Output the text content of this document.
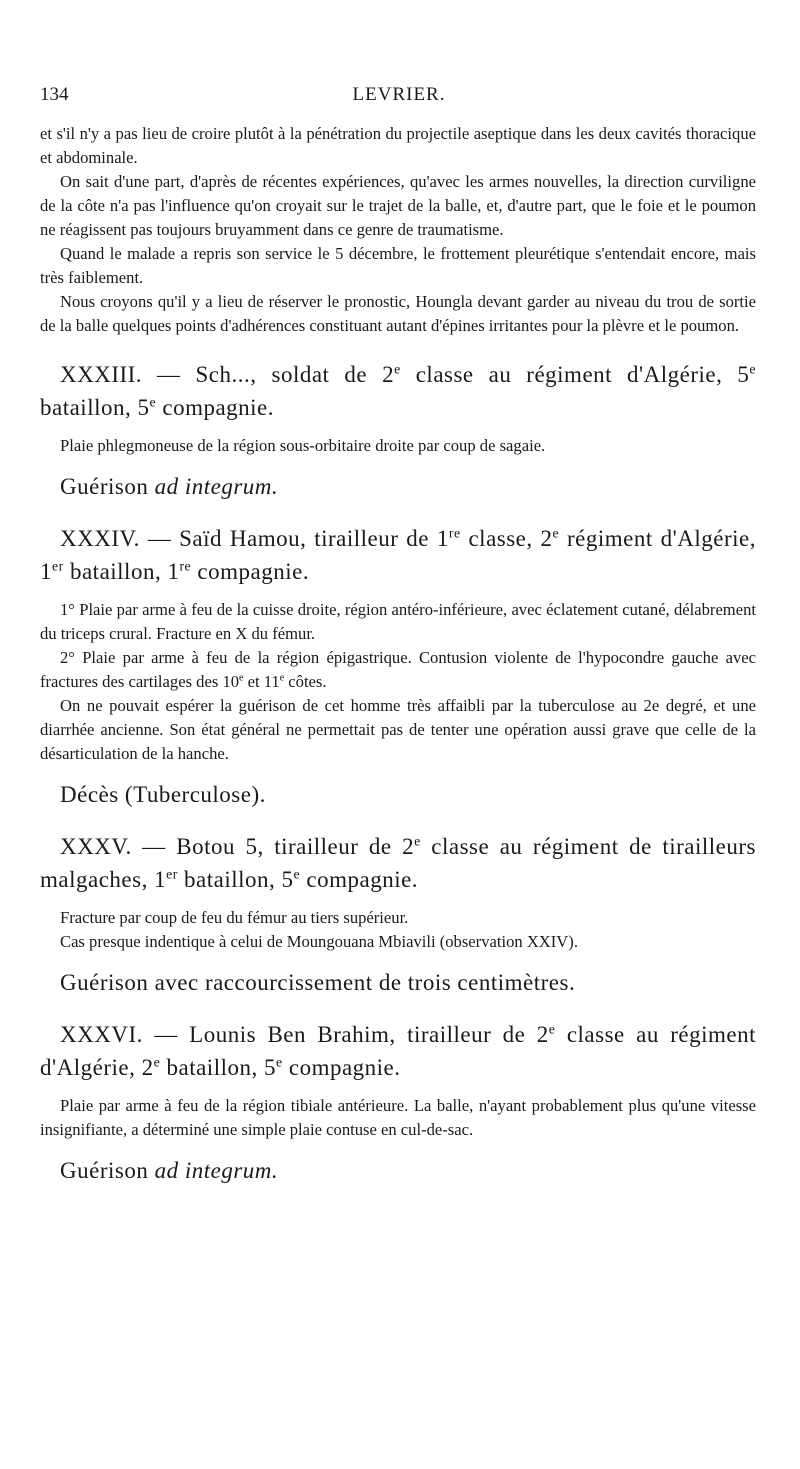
134	LEVRIER.

et s'il n'y a pas lieu de croire plutôt à la pénétration du projectile aseptique dans les deux cavités thoracique et abdominale.

On sait d'une part, d'après de récentes expériences, qu'avec les armes nouvelles, la direction curviligne de la côte n'a pas l'influence qu'on croyait sur le trajet de la balle, et, d'autre part, que le foie et le poumon ne réagissent pas toujours bruyamment dans ce genre de traumatisme.

Quand le malade a repris son service le 5 décembre, le frottement pleurétique s'entendait encore, mais très faiblement.

Nous croyons qu'il y a lieu de réserver le pronostic, Houngla devant garder au niveau du trou de sortie de la balle quelques points d'adhérences constituant autant d'épines irritantes pour la plèvre et le poumon.

XXXIII. — Sch..., soldat de 2e classe au régiment d'Algérie, 5e bataillon, 5e compagnie.

Plaie phlegmoneuse de la région sous-orbitaire droite par coup de sagaie.

Guérison ad integrum.

XXXIV. — Saïd Hamou, tirailleur de 1re classe, 2e régiment d'Algérie, 1er bataillon, 1re compagnie.

1° Plaie par arme à feu de la cuisse droite, région antéro-inférieure, avec éclatement cutané, délabrement du triceps crural. Fracture en X du fémur.

2° Plaie par arme à feu de la région épigastrique. Contusion violente de l'hypocondre gauche avec fractures des cartilages des 10e et 11e côtes.

On ne pouvait espérer la guérison de cet homme très affaibli par la tuberculose au 2e degré, et une diarrhée ancienne. Son état général ne permettait pas de tenter une opération aussi grave que celle de la désarticulation de la hanche.

Décès (Tuberculose).

XXXV. — Botou 5, tirailleur de 2e classe au régiment de tirailleurs malgaches, 1er bataillon, 5e compagnie.

Fracture par coup de feu du fémur au tiers supérieur.

Cas presque indentique à celui de Moungouana Mbiavili (observation XXIV).

Guérison avec raccourcissement de trois centimètres.

XXXVI. — Lounis Ben Brahim, tirailleur de 2e classe au régiment d'Algérie, 2e bataillon, 5e compagnie.

Plaie par arme à feu de la région tibiale antérieure. La balle, n'ayant probablement plus qu'une vitesse insignifiante, a déterminé une simple plaie contuse en cul-de-sac.

Guérison ad integrum.
